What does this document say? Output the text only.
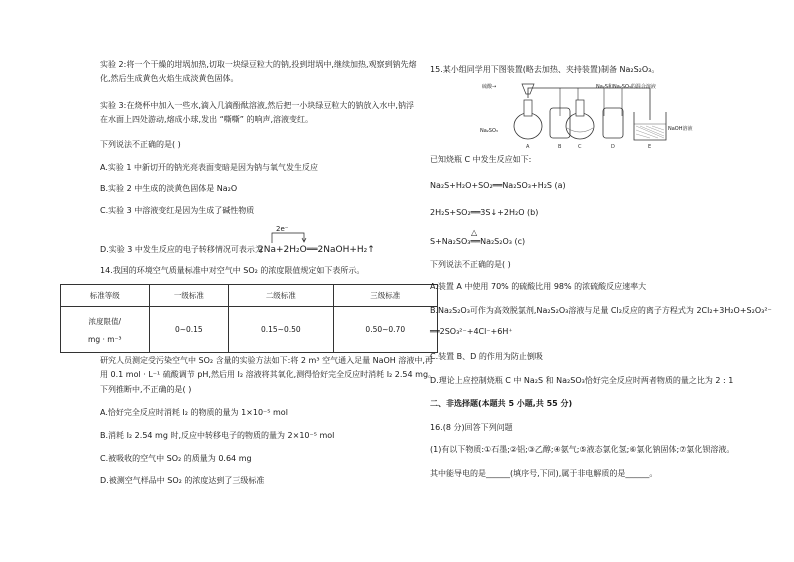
实验 2:将一个干燥的坩埚加热,切取一块绿豆粒大的钠,投到坩埚中,继续加热,观察到钠先熔
化,然后生成黄色火焰生成淡黄色固体。
实验 3:在烧杯中加入一些水,滴入几滴酚酞溶液,然后把一小块绿豆粒大的钠放入水中,钠浮
在水面上四处游动,熔成小球,发出 “嘶嘶” 的响声,溶液变红。
下列说法不正确的是( )
A.实验 1 中新切开的钠光亮表面变暗是因为钠与氧气发生反应
B.实验 2 中生成的淡黄色固体是 Na₂O
C.实验 3 中溶液变红是因为生成了碱性物质
D.实验 3 中发生反应的电子转移情况可表示为
2e⁻
2Na+2H₂O══2NaOH+H₂↑
14.我国的环境空气质量标准中对空气中 SO₂ 的浓度限值规定如下表所示。
标准等级	一级标准	二级标准	三级标准

浓度限值/
mg · m⁻³	0~0.15	0.15~0.50	0.50~0.70
研究人员测定受污染空气中 SO₂ 含量的实验方法如下:将 2 m³ 空气通入足量 NaOH 溶液中,再
用 0.1 mol · L⁻¹ 硫酸调节 pH,然后用 I₂ 溶液将其氧化,测得恰好完全反应时消耗 I₂ 2.54 mg。
下列推断中,不正确的是( )
A.恰好完全反应时消耗 I₂ 的物质的量为 1×10⁻⁵ mol
B.消耗 I₂ 2.54 mg 时,反应中转移电子的物质的量为 2×10⁻⁵ mol
C.被吸收的空气中 SO₂ 的质量为 0.64 mg
D.被测空气样品中 SO₂ 的浓度达到了三级标准
15.某小组同学用下图装置(略去加热、夹持装置)制备 Na₂S₂O₃。
A	B	C	D	E
硫酸→	Na₂S和Na₂SO₃的混合溶液
Na₂SO₃	NaOH溶液
已知烧瓶 C 中发生反应如下:
Na₂S+H₂O+SO₂══Na₂SO₃+H₂S (a)
2H₂S+SO₂══3S↓+2H₂O (b)
△
S+Na₂SO₃══Na₂S₂O₃ (c)
下列说法不正确的是( )
A.装置 A 中使用 70% 的硫酸比用 98% 的浓硫酸反应速率大
B.Na₂S₂O₃可作为高效脱氯剂,Na₂S₂O₃溶液与足量 Cl₂反应的离子方程式为 2Cl₂+3H₂O+S₂O₃²⁻
══2SO₃²⁻+4Cl⁻+6H⁺
C.装置 B、D 的作用为防止倒吸
D.理论上应控制烧瓶 C 中 Na₂S 和 Na₂SO₃恰好完全反应时两者物质的量之比为 2 : 1
二、非选择题(本题共 5 小题,共 55 分)
16.(8 分)回答下列问题
(1)有以下物质:①石墨;②铝;③乙醇;④氨气;⑤液态氯化氢;⑥氯化钠固体;⑦氯化钡溶液。
其中能导电的是______(填序号,下同),属于非电解质的是______。
